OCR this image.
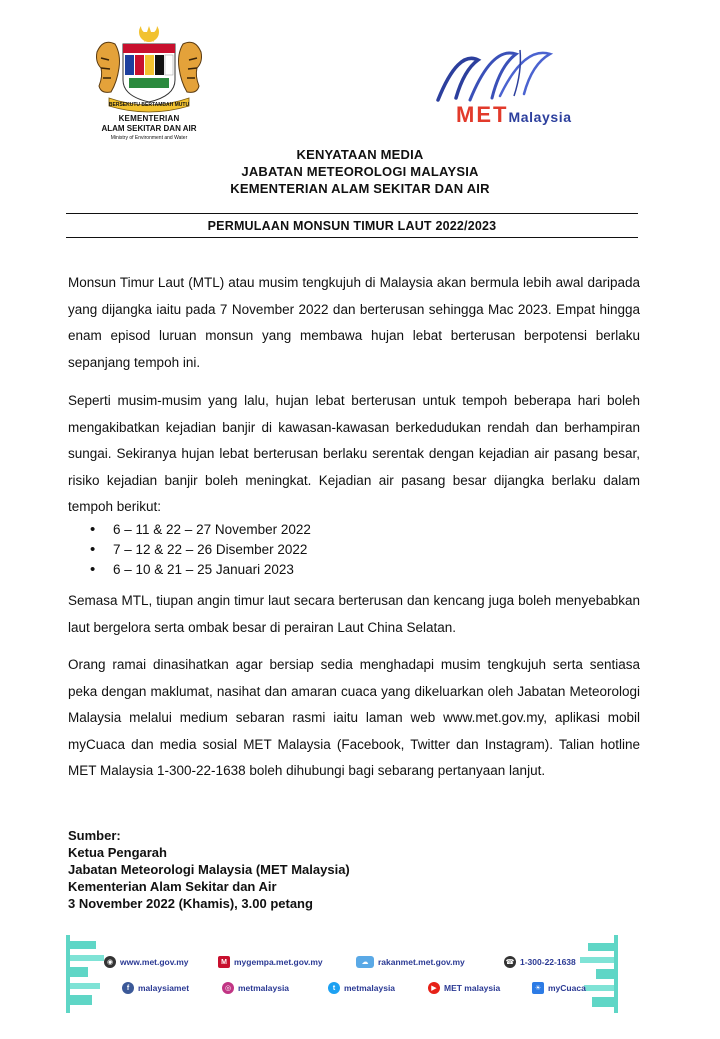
BERSEKUTU BERTAMBAH MUTU
KEMENTERIAN
ALAM SEKITAR DAN AIR
Ministry of Environment and Water
METMalaysia
KENYATAAN MEDIA
JABATAN METEOROLOGI MALAYSIA
KEMENTERIAN ALAM SEKITAR DAN AIR
PERMULAAN MONSUN TIMUR LAUT 2022/2023

Monsun Timur Laut (MTL) atau musim tengkujuh di Malaysia akan bermula lebih awal daripada yang dijangka iaitu pada 7 November 2022 dan berterusan sehingga Mac 2023. Empat hingga enam episod luruan monsun yang membawa hujan lebat berterusan berpotensi berlaku sepanjang tempoh ini.

Seperti musim-musim yang lalu, hujan lebat berterusan untuk tempoh beberapa hari boleh mengakibatkan kejadian banjir di kawasan-kawasan berkedudukan rendah dan berhampiran sungai. Sekiranya hujan lebat berterusan berlaku serentak dengan kejadian air pasang besar, risiko kejadian banjir boleh meningkat. Kejadian air pasang besar dijangka berlaku dalam tempoh berikut:

• 6 – 11 & 22 – 27 November 2022
• 7 – 12 & 22 – 26 Disember 2022
• 6 – 10 & 21 – 25 Januari 2023

Semasa MTL, tiupan angin timur laut secara berterusan dan kencang juga boleh menyebabkan laut bergelora serta ombak besar di perairan Laut China Selatan.

Orang ramai dinasihatkan agar bersiap sedia menghadapi musim tengkujuh serta sentiasa peka dengan maklumat, nasihat dan amaran cuaca yang dikeluarkan oleh Jabatan Meteorologi Malaysia melalui medium sebaran rasmi iaitu laman web www.met.gov.my, aplikasi mobil myCuaca dan media sosial MET Malaysia (Facebook, Twitter dan Instagram). Talian hotline MET Malaysia 1-300-22-1638 boleh dihubungi bagi sebarang pertanyaan lanjut.

Sumber:
Ketua Pengarah
Jabatan Meteorologi Malaysia (MET Malaysia)
Kementerian Alam Sekitar dan Air
3 November 2022 (Khamis), 3.00 petang
◉ www.met.gov.my	M mygempa.met.gov.my	☁	rakanmet.met.gov.my	☎ 1-300-22-1638
f	malaysiamet	◎ metmalaysia	t	metmalaysia	▶ MET malaysia	☀ myCuaca
